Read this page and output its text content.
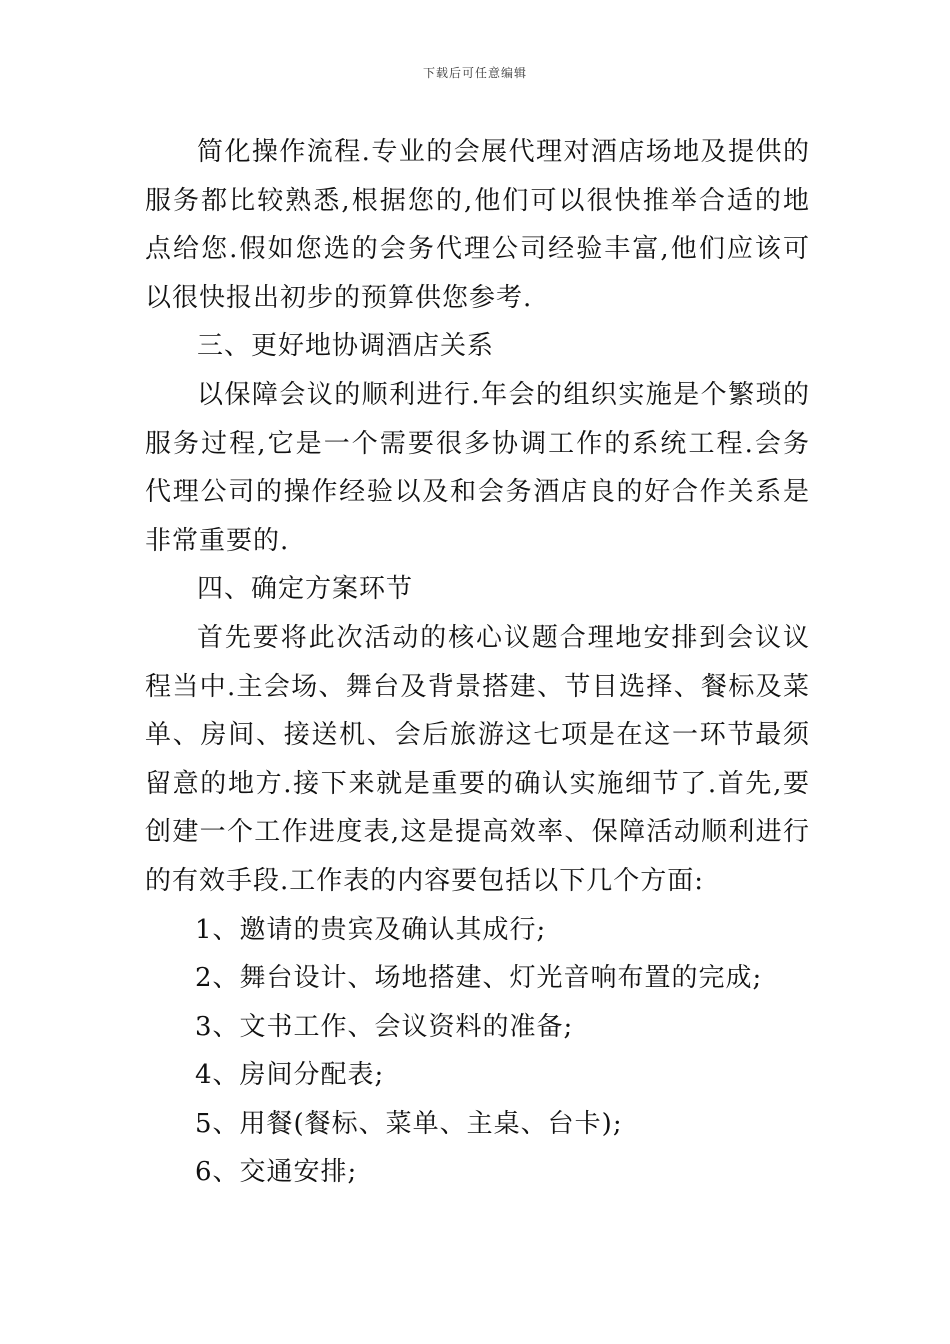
下载后可任意编辑

简化操作流程.专业的会展代理对酒店场地及提供的服务都比较熟悉,根据您的,他们可以很快推举合适的地点给您.假如您选的会务代理公司经验丰富,他们应该可以很快报出初步的预算供您参考.

三、更好地协调酒店关系

以保障会议的顺利进行.年会的组织实施是个繁琐的服务过程,它是一个需要很多协调工作的系统工程.会务代理公司的操作经验以及和会务酒店良的好合作关系是非常重要的.

四、确定方案环节

首先要将此次活动的核心议题合理地安排到会议议程当中.主会场、舞台及背景搭建、节目选择、餐标及菜单、房间、接送机、会后旅游这七项是在这一环节最须留意的地方.接下来就是重要的确认实施细节了.首先,要创建一个工作进度表,这是提高效率、保障活动顺利进行的有效手段.工作表的内容要包括以下几个方面:

1、邀请的贵宾及确认其成行;

2、舞台设计、场地搭建、灯光音响布置的完成;

3、文书工作、会议资料的准备;

4、房间分配表;

5、用餐(餐标、菜单、主桌、台卡);

6、交通安排;
